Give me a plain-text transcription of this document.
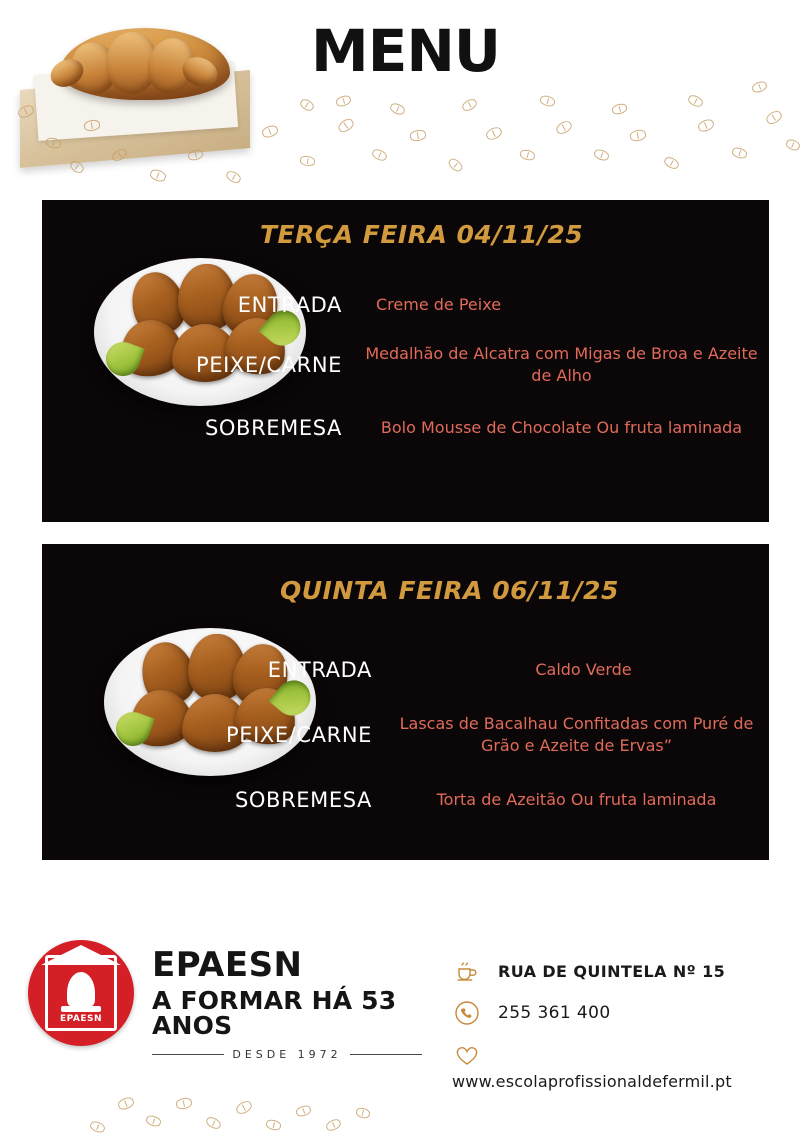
MENU
TERÇA FEIRA 04/11/25
ENTRADA	Creme de Peixe
PEIXE/CARNE	Medalhão de Alcatra com Migas de Broa e Azeite de Alho
SOBREMESA	Bolo Mousse de Chocolate Ou fruta laminada
QUINTA FEIRA 06/11/25
ENTRADA	Caldo Verde
PEIXE/CARNE	Lascas de Bacalhau Confitadas com Puré de Grão e Azeite de Ervas”
SOBREMESA	Torta de Azeitão Ou fruta laminada
EPAESN
EPAESN
A FORMAR HÁ 53 ANOS
DESDE 1972
RUA DE QUINTELA Nº 15
255 361 400
www.escolaprofissionaldefermil.pt
